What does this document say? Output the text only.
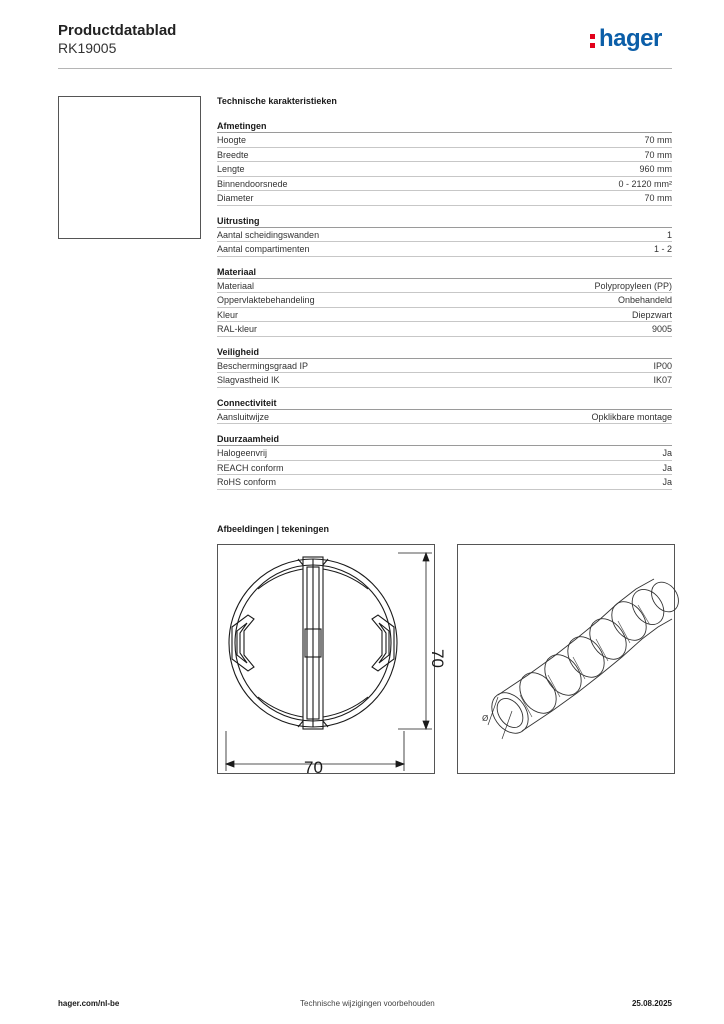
Productdatablad
RK19005	hager
Technische karakteristieken
Afmetingen
Hoogte	70 mm
Breedte	70 mm
Lengte	960 mm
Binnendoorsnede	0 - 2120 mm²
Diameter	70 mm
Uitrusting
Aantal scheidingswanden	1
Aantal compartimenten	1 - 2
Materiaal
Materiaal	Polypropyleen (PP)
Oppervlaktebehandeling	Onbehandeld
Kleur	Diepzwart
RAL-kleur	9005
Veiligheid
Beschermingsgraad IP	IP00
Slagvastheid IK	IK07
Connectiviteit
Aansluitwijze	Opklikbare montage
Duurzaamheid
Halogeenvrij	Ja
REACH conform	Ja
RoHS conform	Ja
Afbeeldingen | tekeningen
70
70
Ø
hager.com/nl-be	Technische wijzigingen voorbehouden	25.08.2025
